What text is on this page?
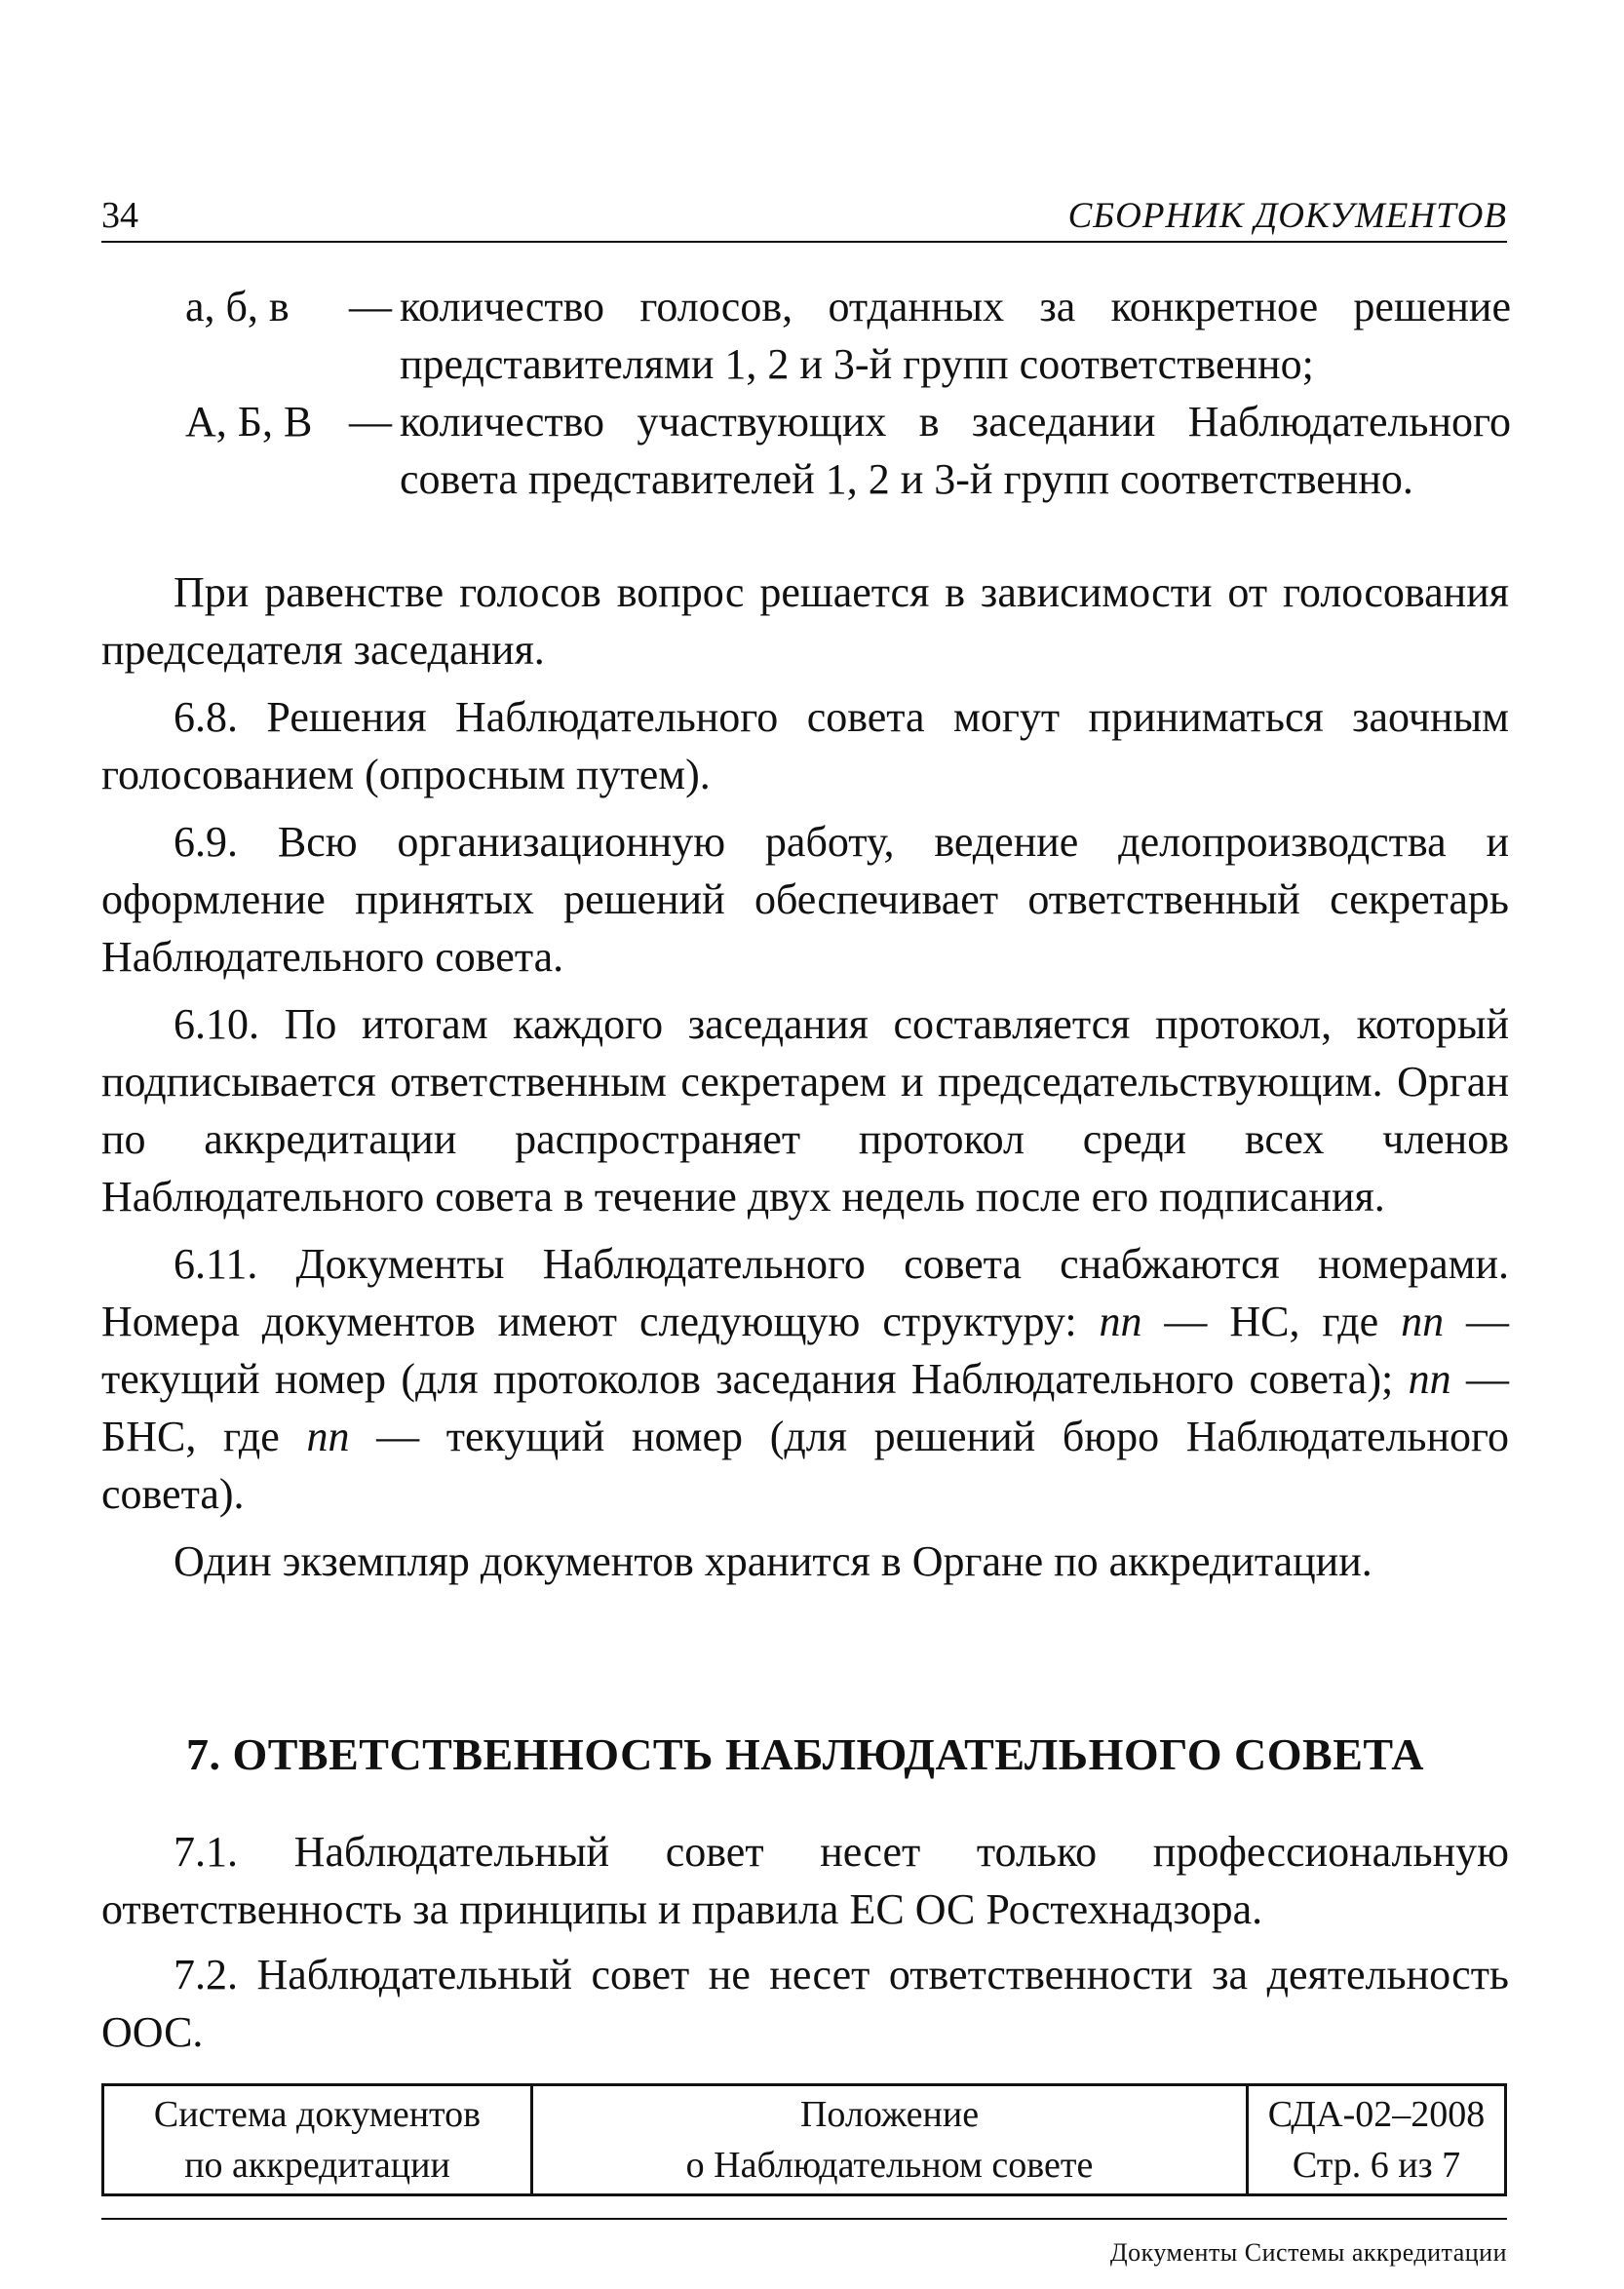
34	СБОРНИК ДОКУМЕНТОВ
а, б, в	— количество голосов, отданных за конкретное решение представителями 1, 2 и 3-й групп соответственно;
А, Б, В — количество участвующих в заседании Наблюдательного совета представителей 1, 2 и 3-й групп соответственно.

При равенстве голосов вопрос решается в зависимости от голосования председателя заседания.

6.8. Решения Наблюдательного совета могут приниматься заочным голосованием (опросным путем).

6.9. Всю организационную работу, ведение делопроизводства и оформление принятых решений обеспечивает ответственный секретарь Наблюдательного совета.

6.10. По итогам каждого заседания составляется протокол, который подписывается ответственным секретарем и председательствующим. Орган по аккредитации распространяет протокол среди всех членов Наблюдательного совета в течение двух недель после его подписания.

6.11. Документы Наблюдательного совета снабжаются номерами. Номера документов имеют следующую структуру: пп — НС, где пп — текущий номер (для протоколов заседания Наблюдательного совета); пп — БНС, где пп — текущий номер (для решений бюро Наблюдательного совета).

Один экземпляр документов хранится в Органе по аккредитации.

7. ОТВЕТСТВЕННОСТЬ НАБЛЮДАТЕЛЬНОГО СОВЕТА

7.1. Наблюдательный совет несет только профессиональную ответственность за принципы и правила ЕС ОС Ростехнадзора.

7.2. Наблюдательный совет не несет ответственности за деятельность ООС.

Система документов
по аккредитации
Положение
о Наблюдательном совете
СДА-02–2008
Стр. 6 из 7
Документы Системы аккредитации
